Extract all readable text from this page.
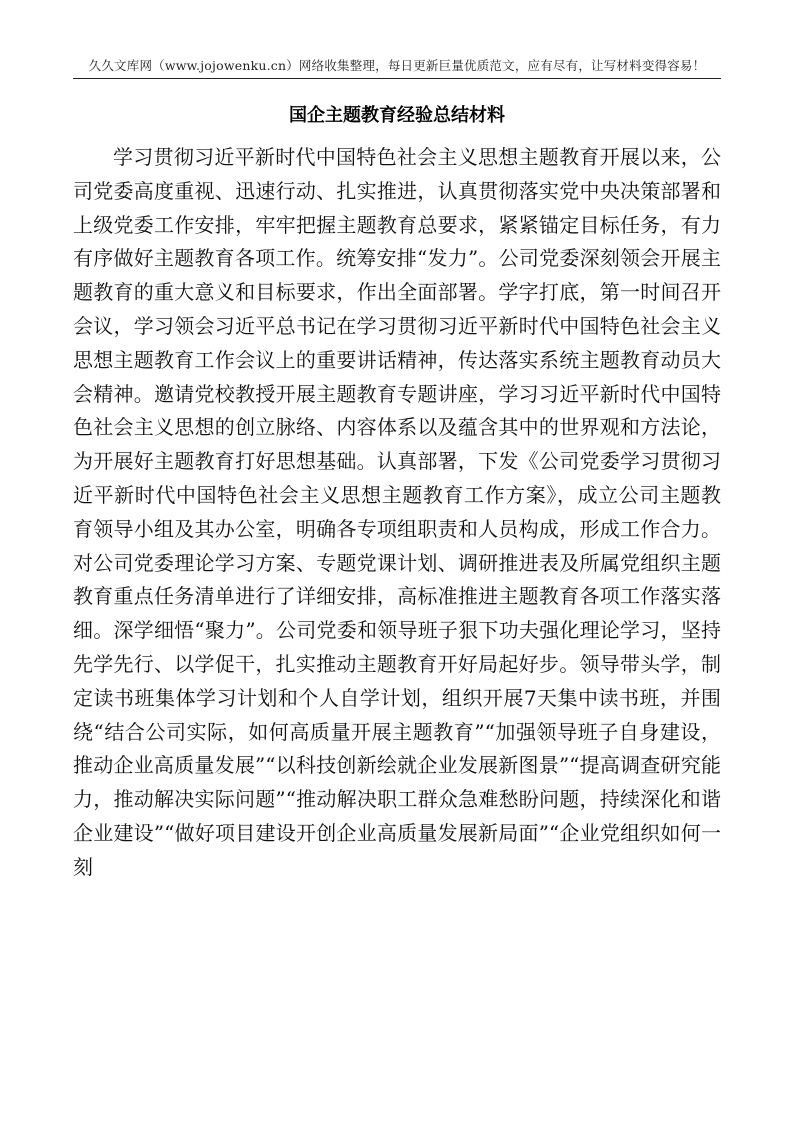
久久文库网（www.jojowenku.cn）网络收集整理，每日更新巨量优质范文，应有尽有，让写材料变得容易！
国企主题教育经验总结材料

学习贯彻习近平新时代中国特色社会主义思想主题教育开展以来，公司党委高度重视、迅速行动、扎实推进，认真贯彻落实党中央决策部署和上级党委工作安排，牢牢把握主题教育总要求，紧紧锚定目标任务，有力有序做好主题教育各项工作。统筹安排“发力”。公司党委深刻领会开展主题教育的重大意义和目标要求，作出全面部署。学字打底，第一时间召开会议，学习领会习近平总书记在学习贯彻习近平新时代中国特色社会主义思想主题教育工作会议上的重要讲话精神，传达落实系统主题教育动员大会精神。邀请党校教授开展主题教育专题讲座，学习习近平新时代中国特色社会主义思想的创立脉络、内容体系以及蕴含其中的世界观和方法论，为开展好主题教育打好思想基础。认真部署，下发《公司党委学习贯彻习近平新时代中国特色社会主义思想主题教育工作方案》，成立公司主题教育领导小组及其办公室，明确各专项组职责和人员构成，形成工作合力。对公司党委理论学习方案、专题党课计划、调研推进表及所属党组织主题教育重点任务清单进行了详细安排，高标准推进主题教育各项工作落实落细。深学细悟“聚力”。公司党委和领导班子狠下功夫强化理论学习，坚持先学先行、以学促干，扎实推动主题教育开好局起好步。领导带头学，制定读书班集体学习计划和个人自学计划，组织开展7天集中读书班，并围绕“结合公司实际，如何高质量开展主题教育”“加强领导班子自身建设，推动企业高质量发展”“以科技创新绘就企业发展新图景”“提高调查研究能力，推动解决实际问题”“推动解决职工群众急难愁盼问题，持续深化和谐企业建设”“做好项目建设开创企业高质量发展新局面”“企业党组织如何一刻
